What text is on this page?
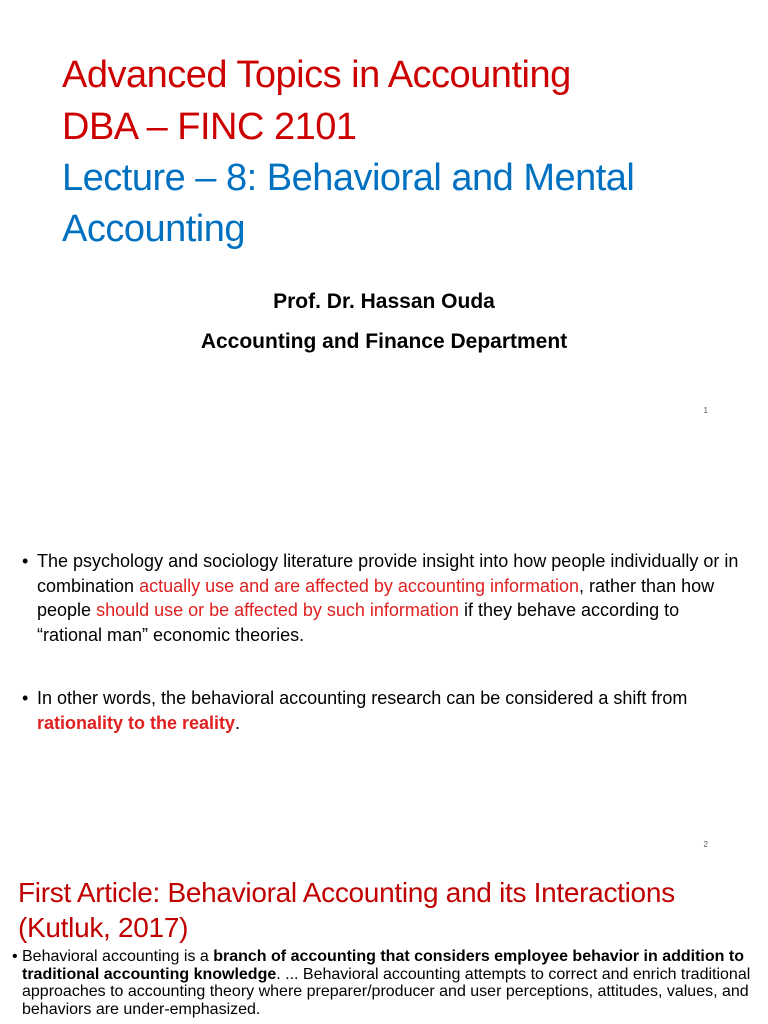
Advanced Topics in Accounting
DBA – FINC 2101
Lecture – 8: Behavioral and Mental
Accounting
Prof. Dr. Hassan Ouda
Accounting and Finance Department
1
• The psychology and sociology literature provide insight into how people individually or in combination actually use and are affected by accounting information, rather than how people should use or be affected by such information if they behave according to “rational man” economic theories.
• In other words, the behavioral accounting research can be considered a shift from rationality to the reality.
2
First Article: Behavioral Accounting and its Interactions
(Kutluk, 2017)
• Behavioral accounting is a branch of accounting that considers employee behavior in addition to traditional accounting knowledge. ... Behavioral accounting attempts to correct and enrich traditional approaches to accounting theory where preparer/producer and user perceptions, attitudes, values, and behaviors are under-emphasized.
